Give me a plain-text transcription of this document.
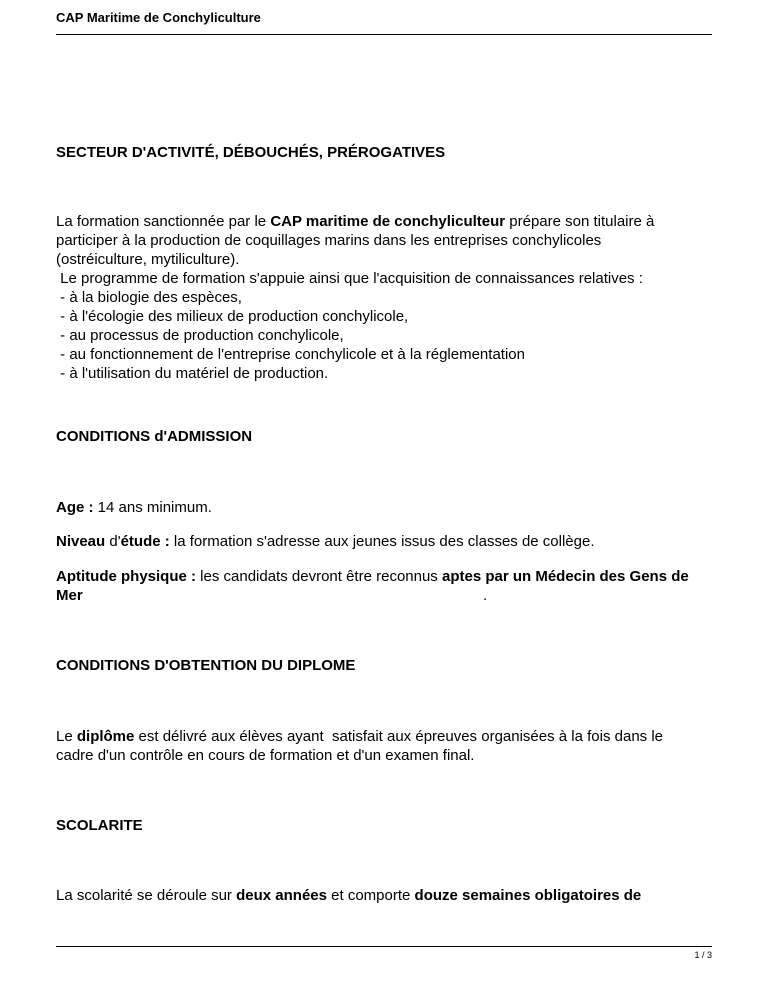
CAP Maritime de Conchyliculture
SECTEUR D'ACTIVITÉ, DÉBOUCHÉS, PRÉROGATIVES
La formation sanctionnée par le CAP maritime de conchyliculteur prépare son titulaire à
participer à la production de coquillages marins dans les entreprises conchylicoles
(ostréiculture, mytiliculture).
Le programme de formation s'appuie ainsi que l'acquisition de connaissances relatives :
- à la biologie des espèces,
- à l'écologie des milieux de production conchylicole,
- au processus de production conchylicole,
- au fonctionnement de l'entreprise conchylicole et à la réglementation
- à l'utilisation du matériel de production.
CONDITIONS d'ADMISSION
Age : 14 ans minimum.
Niveau d'étude : la formation s'adresse aux jeunes issus des classes de collège.
Aptitude physique : les candidats devront être reconnus aptes par un Médecin des Gens de
Mer	.
CONDITIONS D'OBTENTION DU DIPLOME
Le diplôme est délivré aux élèves ayant  satisfait aux épreuves organisées à la fois dans le
cadre d'un contrôle en cours de formation et d'un examen final.
SCOLARITE
La scolarité se déroule sur deux années et comporte douze semaines obligatoires de
1 / 3
